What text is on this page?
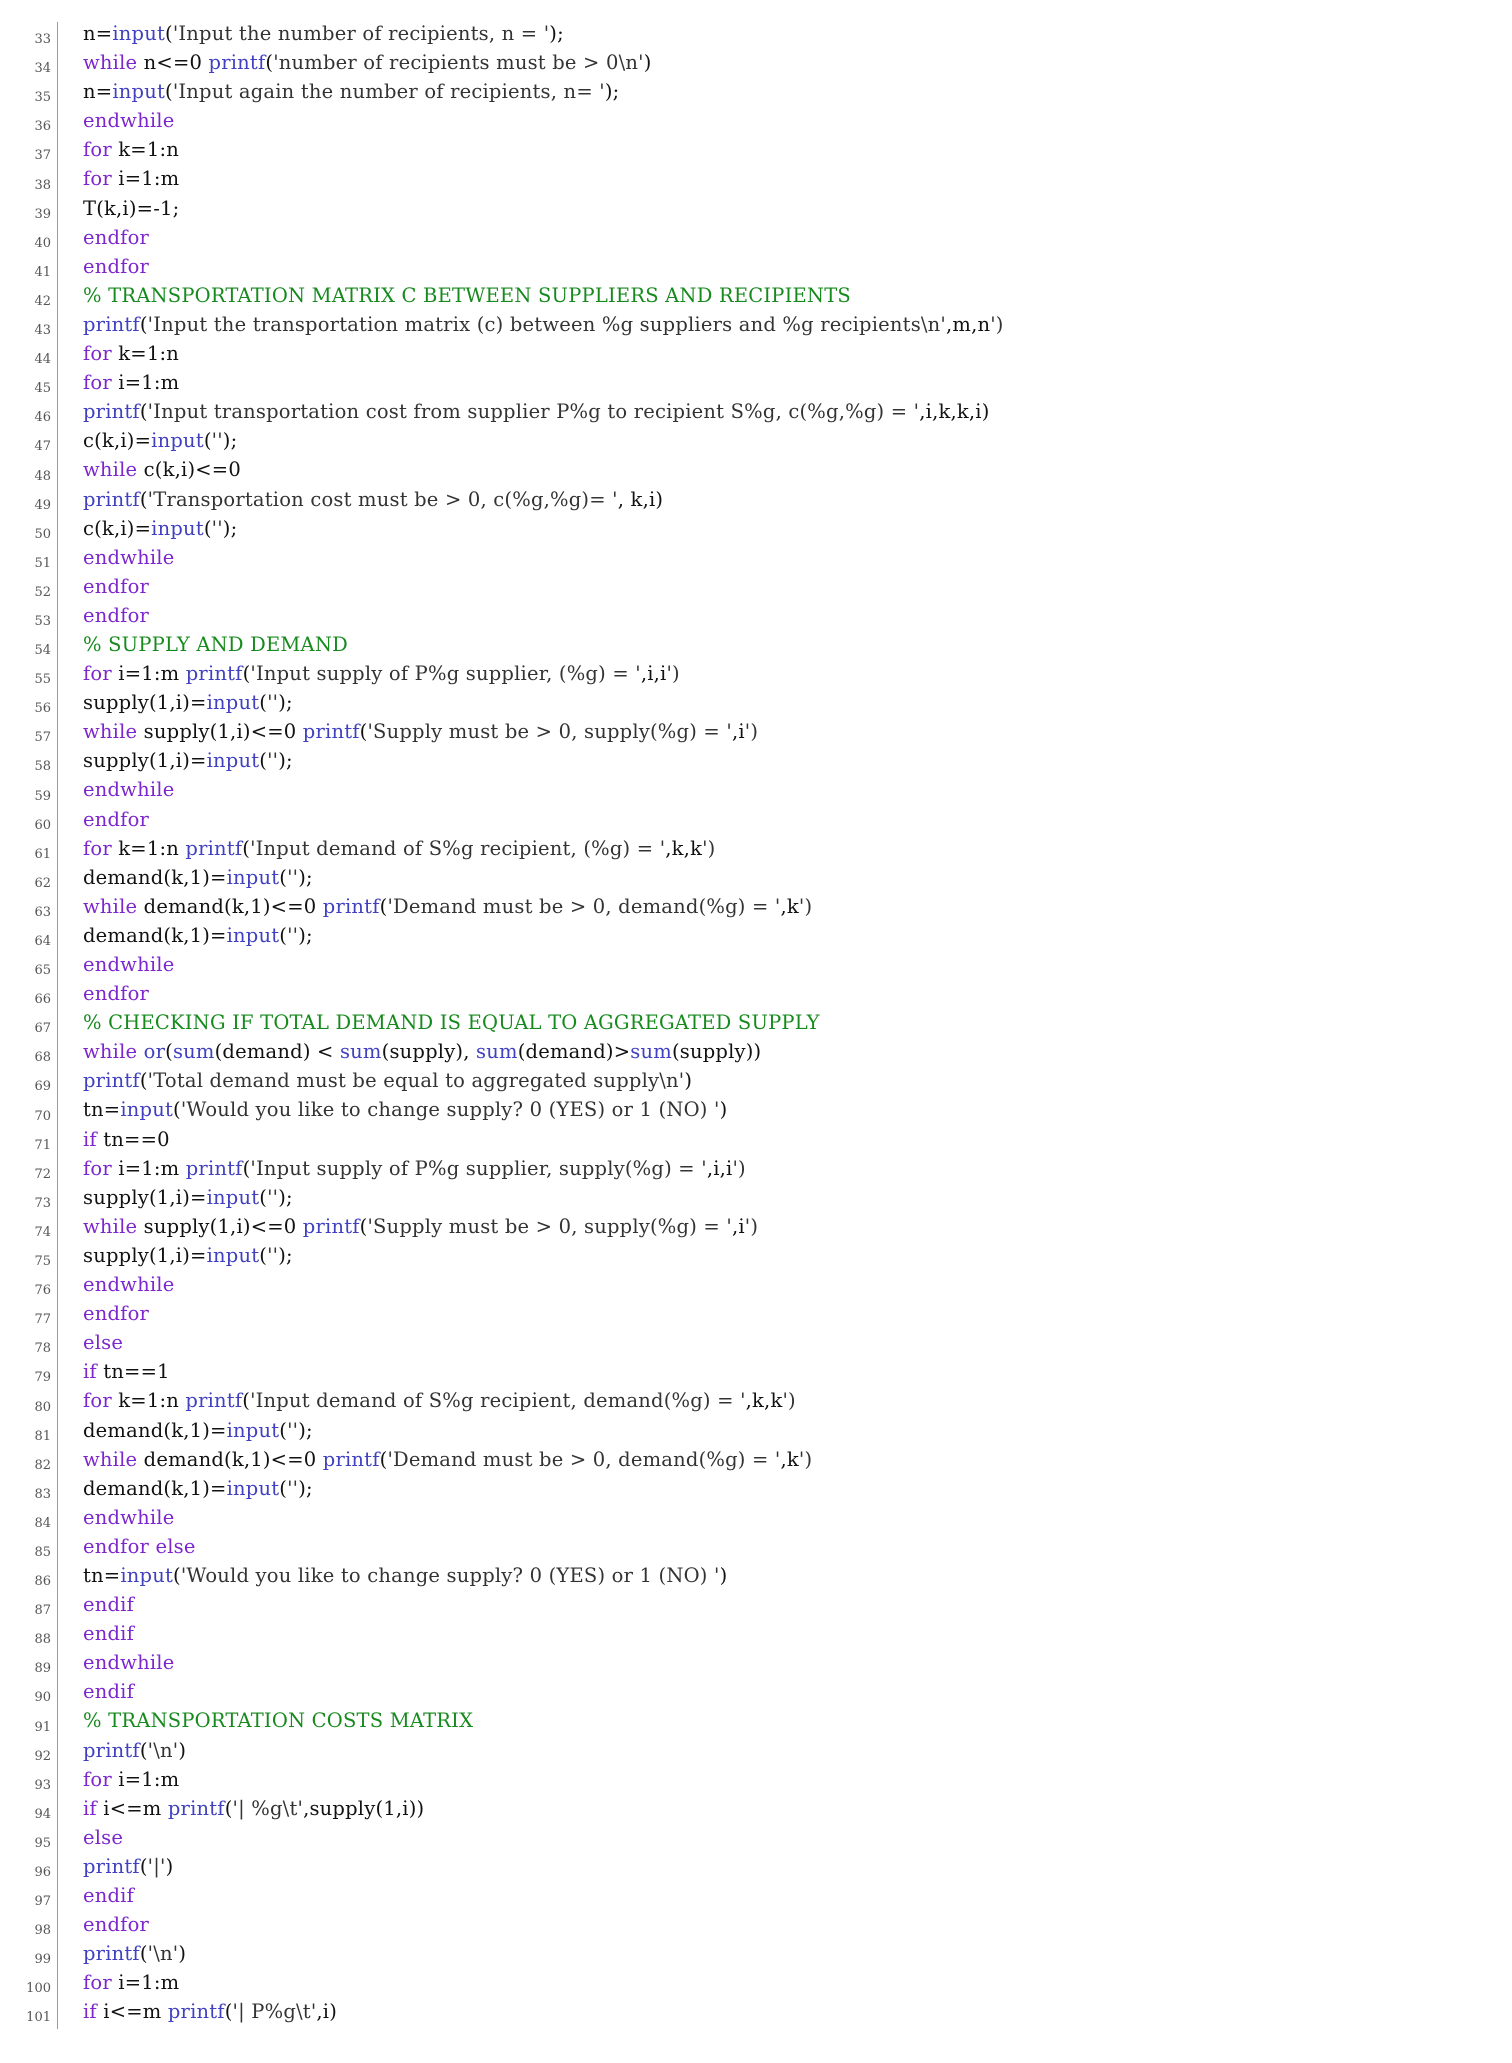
33	n=input('Input the number of recipients, n = ');
34	while n<=0 printf('number of recipients must be > 0\n')
35	n=input('Input again the number of recipients, n= ');
36	endwhile
37	for k=1:n
38	for i=1:m
39	T(k,i)=-1;
40	endfor
41	endfor
42	% TRANSPORTATION MATRIX C BETWEEN SUPPLIERS AND RECIPIENTS
43	printf('Input the transportation matrix (c) between %g suppliers and %g recipients\n',m,n')
44	for k=1:n
45	for i=1:m
46	printf('Input transportation cost from supplier P%g to recipient S%g, c(%g,%g) = ',i,k,k,i)
47	c(k,i)=input('');
48	while c(k,i)<=0
49	printf('Transportation cost must be > 0, c(%g,%g)= ', k,i)
50	c(k,i)=input('');
51	endwhile
52	endfor
53	endfor
54	% SUPPLY AND DEMAND
55	for i=1:m printf('Input supply of P%g supplier, (%g) = ',i,i')
56	supply(1,i)=input('');
57	while supply(1,i)<=0 printf('Supply must be > 0, supply(%g) = ',i')
58	supply(1,i)=input('');
59	endwhile
60	endfor
61	for k=1:n printf('Input demand of S%g recipient, (%g) = ',k,k')
62	demand(k,1)=input('');
63	while demand(k,1)<=0 printf('Demand must be > 0, demand(%g) = ',k')
64	demand(k,1)=input('');
65	endwhile
66	endfor
67	% CHECKING IF TOTAL DEMAND IS EQUAL TO AGGREGATED SUPPLY
68	while or(sum(demand) < sum(supply), sum(demand)>sum(supply))
69	printf('Total demand must be equal to aggregated supply\n')
70	tn=input('Would you like to change supply? 0 (YES) or 1 (NO) ')
71	if tn==0
72	for i=1:m printf('Input supply of P%g supplier, supply(%g) = ',i,i')
73	supply(1,i)=input('');
74	while supply(1,i)<=0 printf('Supply must be > 0, supply(%g) = ',i')
75	supply(1,i)=input('');
76	endwhile
77	endfor
78	else
79	if tn==1
80	for k=1:n printf('Input demand of S%g recipient, demand(%g) = ',k,k')
81	demand(k,1)=input('');
82	while demand(k,1)<=0 printf('Demand must be > 0, demand(%g) = ',k')
83	demand(k,1)=input('');
84	endwhile
85	endfor else
86	tn=input('Would you like to change supply? 0 (YES) or 1 (NO) ')
87	endif
88	endif
89	endwhile
90	endif
91	% TRANSPORTATION COSTS MATRIX
92	printf('\n')
93	for i=1:m
94	if i<=m printf('| %g\t',supply(1,i))
95	else
96	printf('|')
97	endif
98	endfor
99	printf('\n')
100	for i=1:m
101	if i<=m printf('| P%g\t',i)
